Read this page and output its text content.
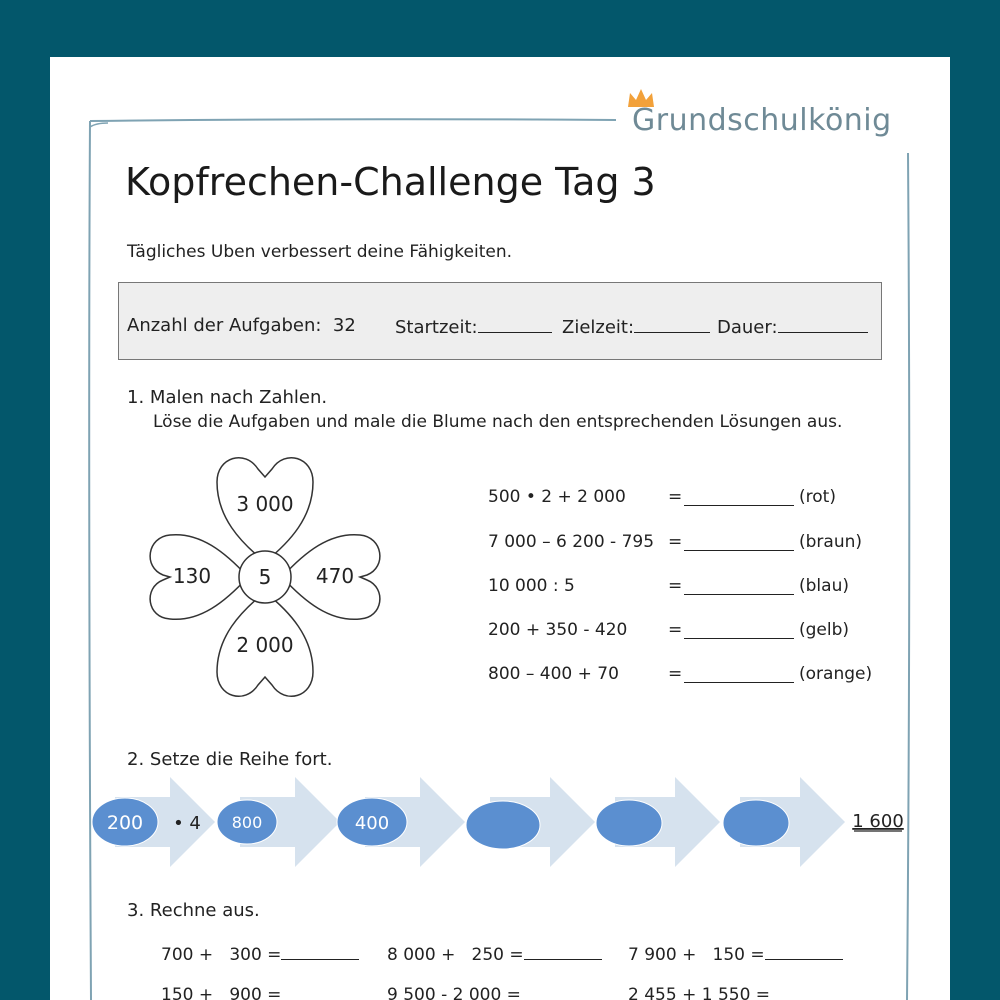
Grundschulkönig
Kopfrechen-Challenge Tag 3
Tägliches Uben verbessert deine Fähigkeiten.
Anzahl der Aufgaben: 32 Startzeit:	Zielzeit:	Dauer:
1. Malen nach Zahlen.
Löse die Aufgaben und male die Blume nach den entsprechenden Lösungen aus.
3 000
130 5 470
2 000
500 • 2 + 2 000 =	(rot)
7 000 – 6 200 - 795 =	(braun)
10 000 : 5	=	(blau)
200 + 350 - 420 =	(gelb)
800 – 400 + 70	=	(orange)
2. Setze die Reihe fort.
200	800	400
• 4	1 600
3. Rechne aus.
700 + 300 =	8 000 + 250 =	7 900 + 150 =
150 + 900 =	9 500 - 2 000 =	2 455 + 1 550 =
